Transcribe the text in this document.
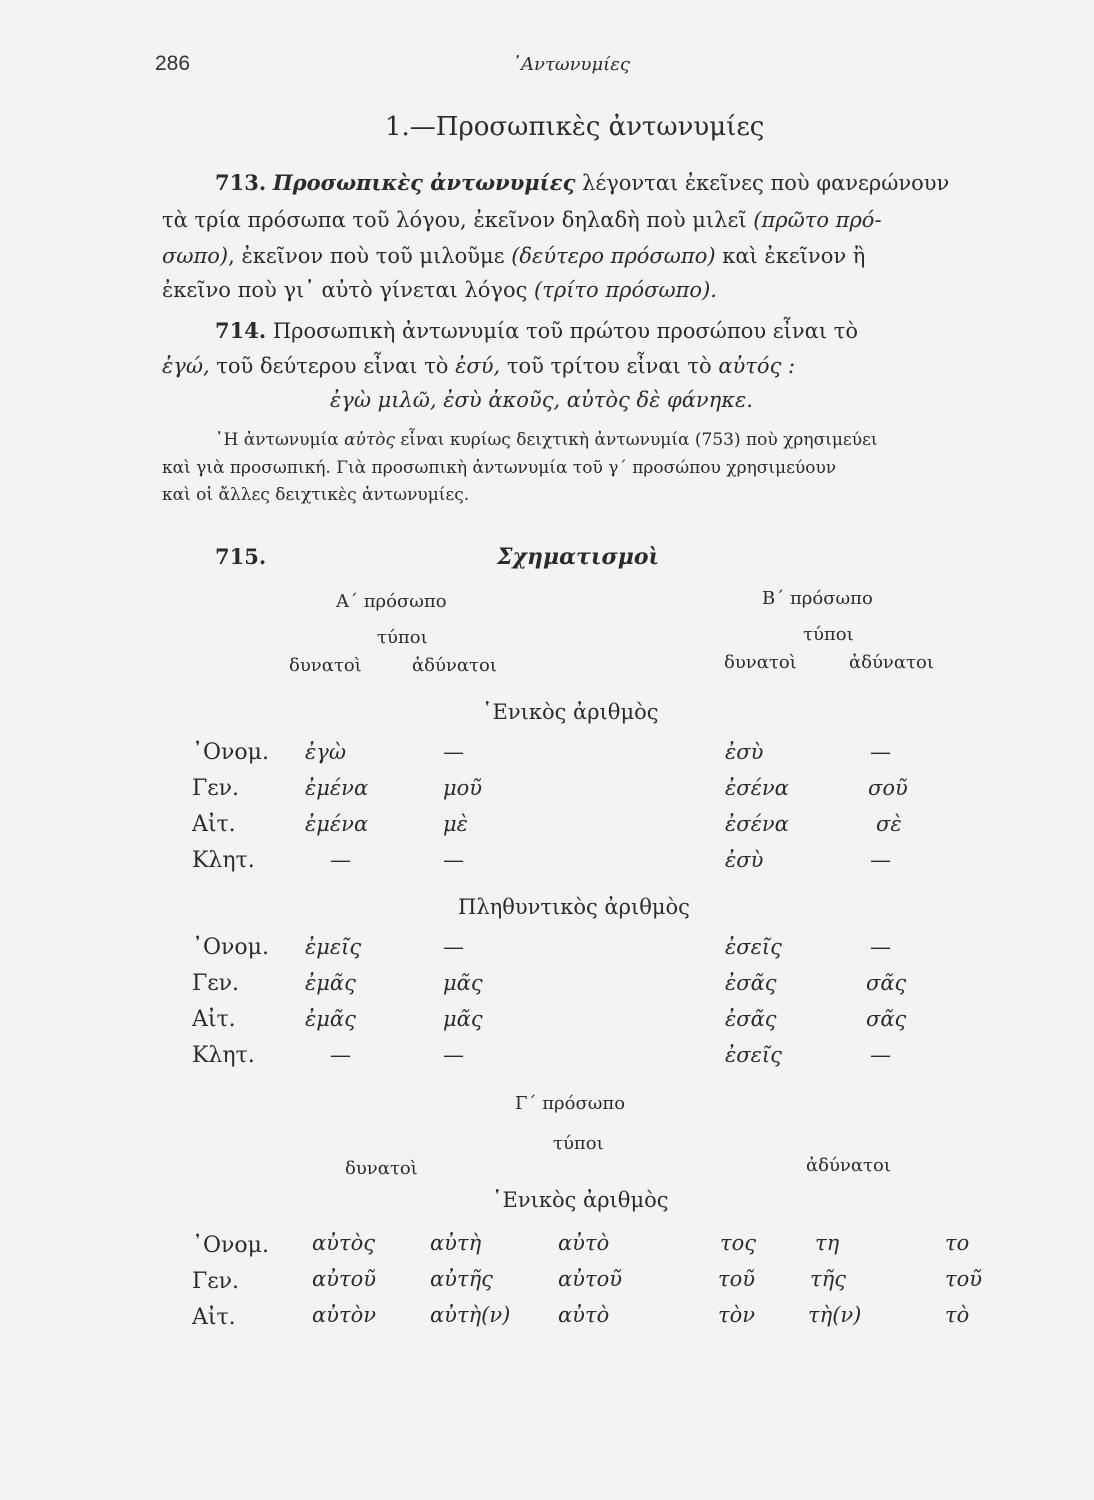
286	᾿Αντωνυμίες
1.—Προσωπικὲς ἀντωνυμίες
713. Προσωπικὲς ἀντωνυμίες λέγονται ἐκεῖνες ποὺ φανερώνουν
τὰ τρία πρόσωπα τοῦ λόγου, ἐκεῖνον δηλαδὴ ποὺ μιλεῖ (πρῶτο πρό-
σωπο), ἐκεῖνον ποὺ τοῦ μιλοῦμε (δεύτερο πρόσωπο) καὶ ἐκεῖνον ἢ
ἐκεῖνο ποὺ γι᾿ αὐτὸ γίνεται λόγος (τρίτο πρόσωπο).
714. Προσωπικὴ ἀντωνυμία τοῦ πρώτου προσώπου εἶναι τὸ
ἐγώ, τοῦ δεύτερου εἶναι τὸ ἐσύ, τοῦ τρίτου εἶναι τὸ αὐτός :
ἐγὼ μιλῶ, ἐσὺ ἀκοῦς, αὐτὸς δὲ φάνηκε.
῾Η ἀντωνυμία αὐτὸς εἶναι κυρίως δειχτικὴ ἀντωνυμία (753) ποὺ χρησιμεύει
καὶ γιὰ προσωπική. Γιὰ προσωπικὴ ἀντωνυμία τοῦ γ΄ προσώπου χρησιμεύουν
καὶ οἱ ἄλλες δειχτικὲς ἀντωνυμίες.
715.	Σχηματισμοὶ
Α΄ πρόσωπο	Β΄ πρόσωπο
τύποι	τύποι
δυνατοὶ	ἀδύνατοι	δυνατοὶ	ἀδύνατοι
῾Ενικὸς ἀριθμὸς
᾿Ονομ. ἐγὼ	—	ἐσὺ	—
Γεν.	ἐμένα	μοῦ	ἐσένα	σοῦ
Αἰτ.	ἐμένα	μὲ	ἐσένα	σὲ
Κλητ.	—	—	ἐσὺ	—
Πληθυντικὸς ἀριθμὸς
᾿Ονομ. ἐμεῖς	—	ἐσεῖς	—
Γεν.	ἐμᾶς	μᾶς	ἐσᾶς	σᾶς
Αἰτ.	ἐμᾶς	μᾶς	ἐσᾶς	σᾶς
Κλητ.	—	—	ἐσεῖς	—
Γ΄ πρόσωπο
τύποι
δυνατοὶ	ἀδύνατοι
῾Ενικὸς ἀριθμὸς
᾿Ονομ. αὐτὸς	αὐτὴ	αὐτὸ	τος	τη	το
Γεν.	αὐτοῦ	αὐτῆς	αὐτοῦ	τοῦ	τῆς	τοῦ
Αἰτ.	αὐτὸν	αὐτὴ(ν) αὐτὸ	τὸν	τὴ(ν)	τὸ
